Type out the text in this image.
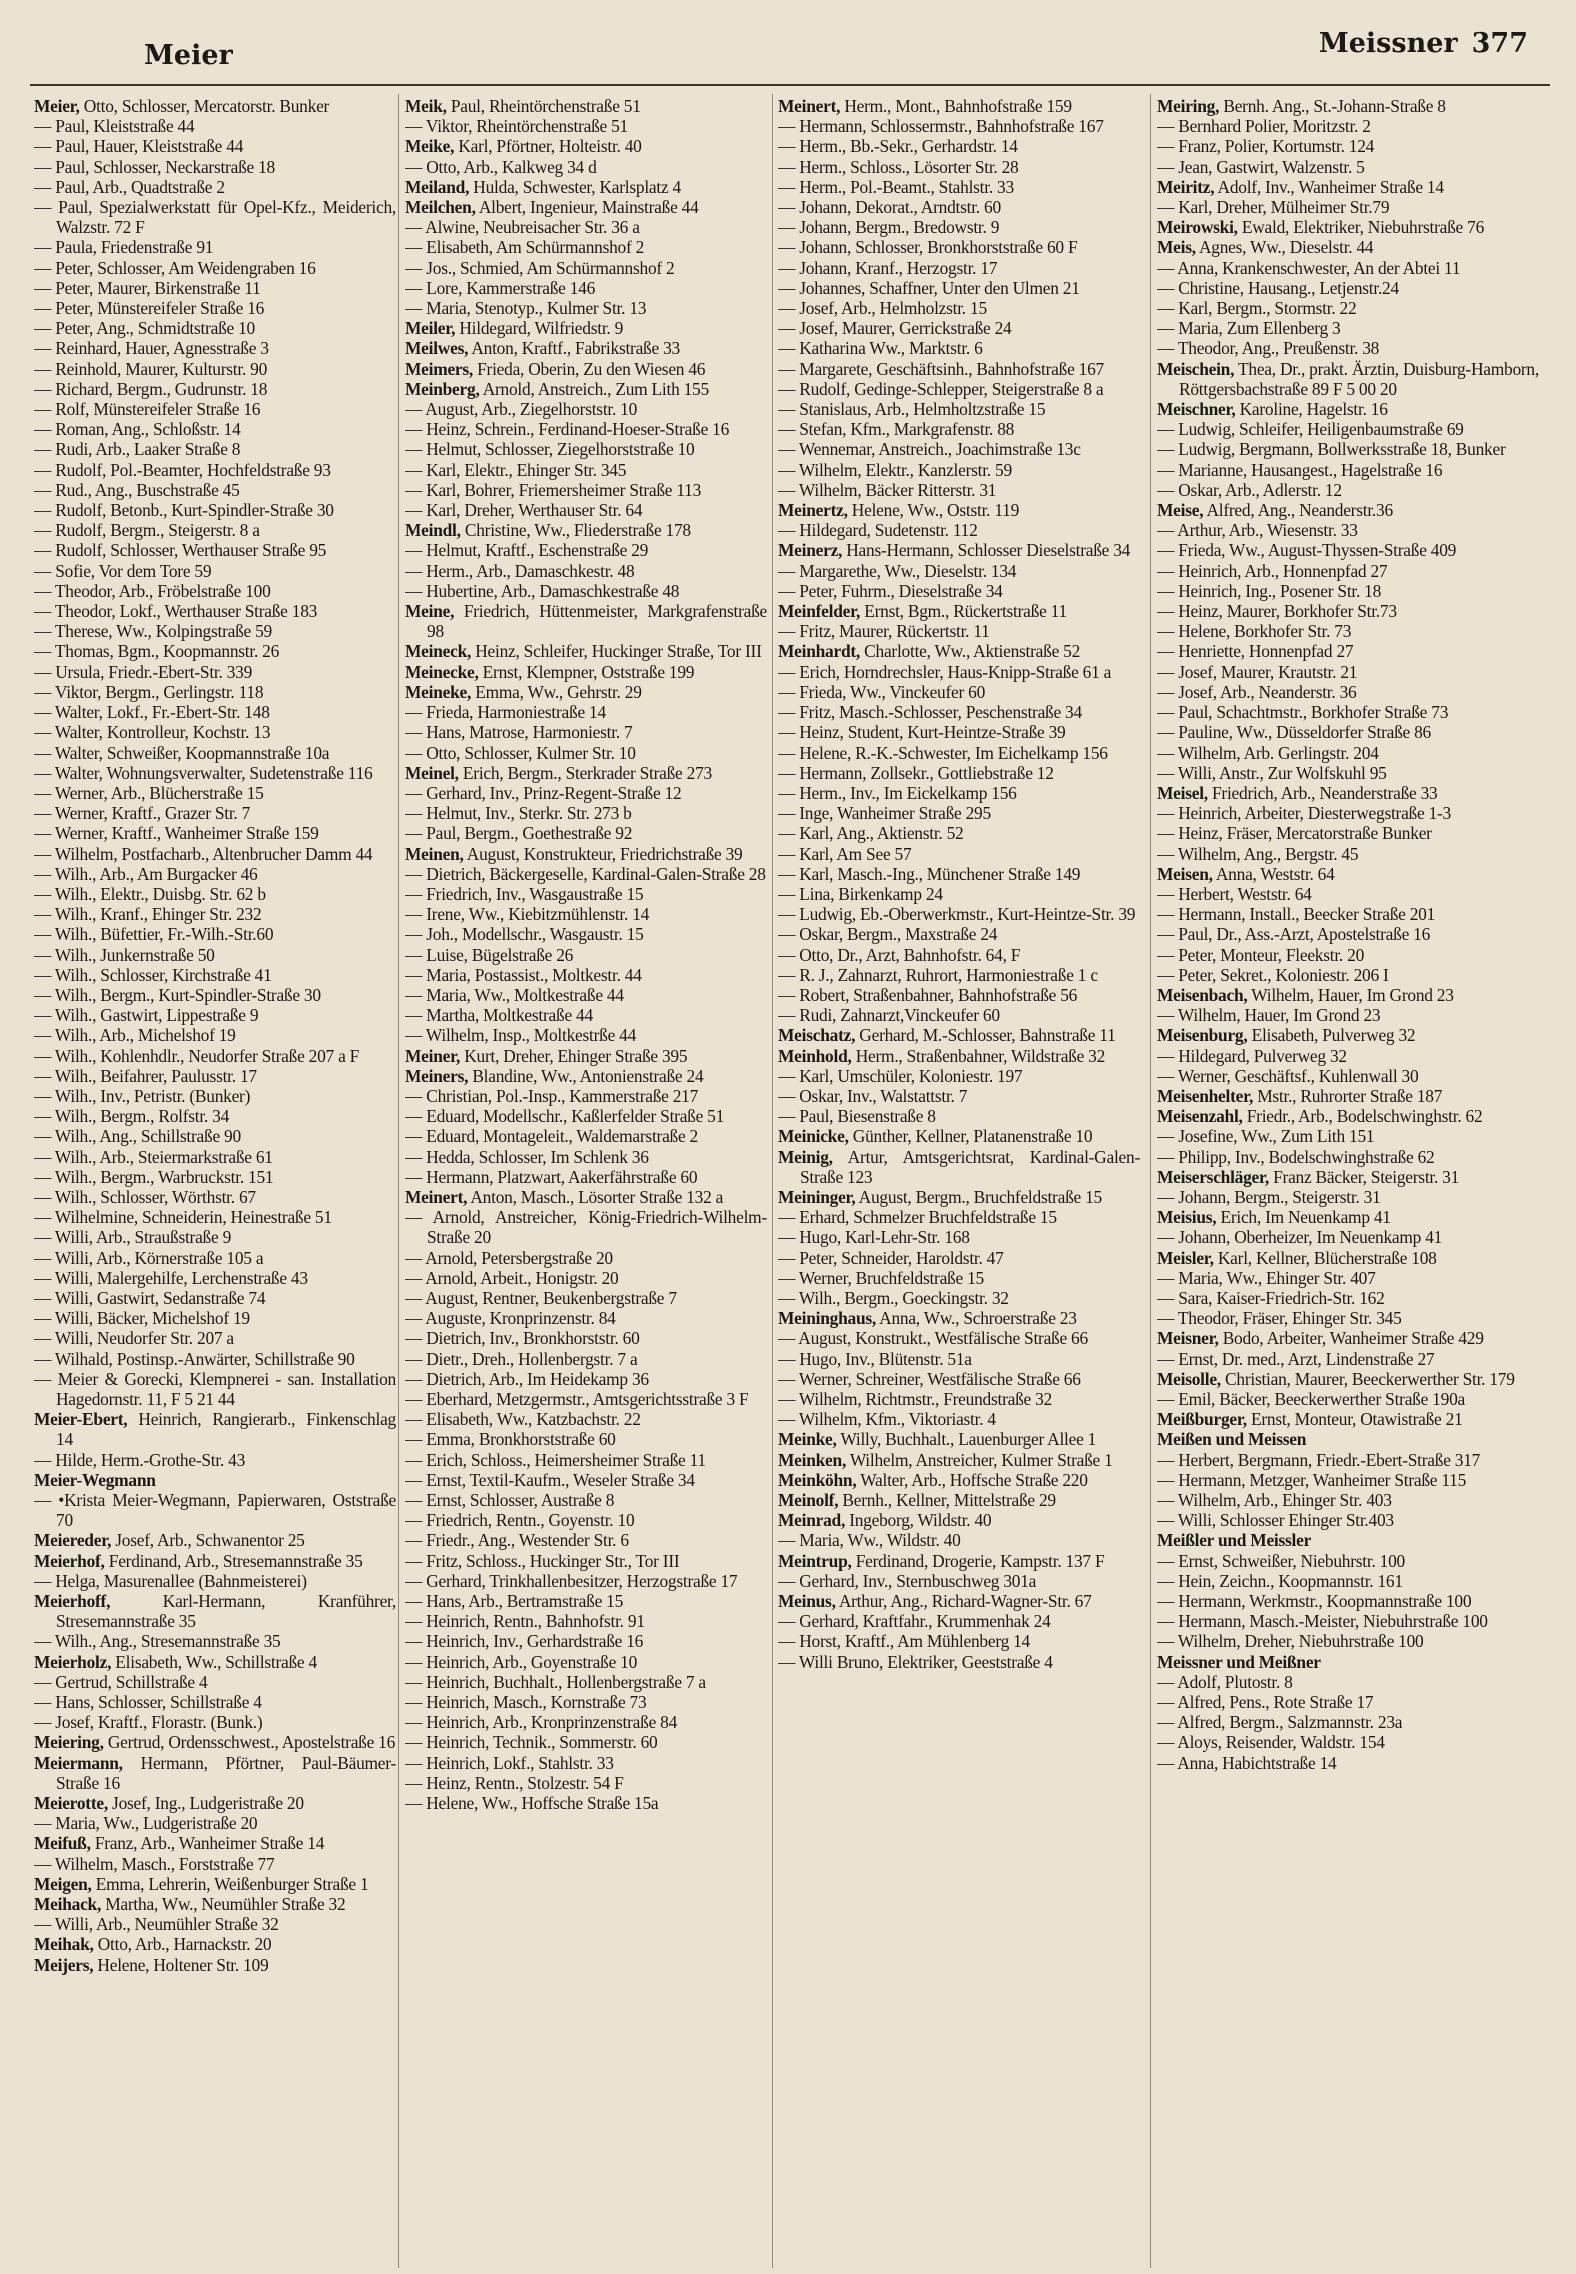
Meier	Meissner 377

Meier, Otto, Schlosser, Mercatorstr. Bunker

— Paul, Kleiststraße 44

— Paul, Hauer, Kleiststraße 44

— Paul, Schlosser, Neckarstraße 18

— Paul, Arb., Quadtstraße 2

— Paul, Spezialwerkstatt für Opel-Kfz., Meiderich, Walzstr. 72 F

— Paula, Friedenstraße 91

— Peter, Schlosser, Am Weidengraben 16

— Peter, Maurer, Birkenstraße 11

— Peter, Münstereifeler Straße 16

— Peter, Ang., Schmidtstraße 10

— Reinhard, Hauer, Agnesstraße 3

— Reinhold, Maurer, Kulturstr. 90

— Richard, Bergm., Gudrunstr. 18

— Rolf, Münstereifeler Straße 16

— Roman, Ang., Schloßstr. 14

— Rudi, Arb., Laaker Straße 8

— Rudolf, Pol.-Beamter, Hochfeldstraße 93

— Rud., Ang., Buschstraße 45

— Rudolf, Betonb., Kurt-Spindler-Straße 30

— Rudolf, Bergm., Steigerstr. 8 a

— Rudolf, Schlosser, Werthauser Straße 95

— Sofie, Vor dem Tore 59

— Theodor, Arb., Fröbelstraße 100

— Theodor, Lokf., Werthauser Straße 183

— Therese, Ww., Kolpingstraße 59

— Thomas, Bgm., Koopmannstr. 26

— Ursula, Friedr.-Ebert-Str. 339

— Viktor, Bergm., Gerlingstr. 118

— Walter, Lokf., Fr.-Ebert-Str. 148

— Walter, Kontrolleur, Kochstr. 13

— Walter, Schweißer, Koopmannstraße 10a

— Walter, Wohnungsverwalter, Sudetenstraße 116

— Werner, Arb., Blücherstraße 15

— Werner, Kraftf., Grazer Str. 7

— Werner, Kraftf., Wanheimer Straße 159

— Wilhelm, Postfacharb., Altenbrucher Damm 44

— Wilh., Arb., Am Burgacker 46

— Wilh., Elektr., Duisbg. Str. 62 b

— Wilh., Kranf., Ehinger Str. 232

— Wilh., Büfettier, Fr.-Wilh.-Str.60

— Wilh., Junkernstraße 50

— Wilh., Schlosser, Kirchstraße 41

— Wilh., Bergm., Kurt-Spindler-Straße 30

— Wilh., Gastwirt, Lippestraße 9

— Wilh., Arb., Michelshof 19

— Wilh., Kohlenhdlr., Neudorfer Straße 207 a F

— Wilh., Beifahrer, Paulusstr. 17

— Wilh., Inv., Petristr. (Bunker)

— Wilh., Bergm., Rolfstr. 34

— Wilh., Ang., Schillstraße 90

— Wilh., Arb., Steiermarkstraße 61

— Wilh., Bergm., Warbruckstr. 151

— Wilh., Schlosser, Wörthstr. 67

— Wilhelmine, Schneiderin, Heinestraße 51

— Willi, Arb., Straußstraße 9

— Willi, Arb., Körnerstraße 105 a

— Willi, Malergehilfe, Lerchenstraße 43

— Willi, Gastwirt, Sedanstraße 74

— Willi, Bäcker, Michelshof 19

— Willi, Neudorfer Str. 207 a

— Wilhald, Postinsp.-Anwärter, Schillstraße 90

— Meier & Gorecki, Klempnerei - san. Installation Hagedornstr. 11, F 5 21 44

Meier-Ebert, Heinrich, Rangierarb., Finkenschlag 14

— Hilde, Herm.-Grothe-Str. 43

Meier-Wegmann

— •Krista Meier-Wegmann, Papierwaren, Oststraße 70

Meiereder, Josef, Arb., Schwanentor 25

Meierhof, Ferdinand, Arb., Stresemannstraße 35

— Helga, Masurenallee (Bahnmeisterei)

Meierhoff,	Karl-Hermann, Kranführer, Stresemannstraße 35

— Wilh., Ang., Stresemannstraße 35

Meierholz, Elisabeth, Ww., Schillstraße 4

— Gertrud, Schillstraße 4

— Hans, Schlosser, Schillstraße 4

— Josef, Kraftf., Florastr. (Bunk.)

Meiering, Gertrud, Ordensschwest., Apostelstraße 16

Meiermann, Hermann, Pförtner, Paul-Bäumer-Straße 16

Meierotte, Josef, Ing., Ludgeristraße 20

— Maria, Ww., Ludgeristraße 20

Meifuß, Franz, Arb., Wanheimer Straße 14

— Wilhelm, Masch., Forststraße 77

Meigen, Emma, Lehrerin, Weißenburger Straße 1

Meihack, Martha, Ww., Neumühler Straße 32

— Willi, Arb., Neumühler Straße 32

Meihak, Otto, Arb., Harnackstr. 20

Meijers, Helene, Holtener Str. 109

Meik, Paul, Rheintörchenstraße 51

— Viktor, Rheintörchenstraße 51

Meike, Karl, Pförtner, Holteistr. 40

— Otto, Arb., Kalkweg 34 d

Meiland, Hulda, Schwester, Karlsplatz 4

Meilchen, Albert, Ingenieur, Mainstraße 44

— Alwine, Neubreisacher Str. 36 a

— Elisabeth, Am Schürmannshof 2

— Jos., Schmied, Am Schürmannshof 2

— Lore, Kammerstraße 146

— Maria, Stenotyp., Kulmer Str. 13

Meiler, Hildegard, Wilfriedstr. 9

Meilwes, Anton, Kraftf., Fabrikstraße 33

Meimers, Frieda, Oberin, Zu den Wiesen 46

Meinberg, Arnold, Anstreich., Zum Lith 155

— August, Arb., Ziegelhorststr. 10

— Heinz, Schrein., Ferdinand-Hoeser-Straße 16

— Helmut, Schlosser, Ziegelhorststraße 10

— Karl, Elektr., Ehinger Str. 345

— Karl, Bohrer, Friemersheimer Straße 113

— Karl, Dreher, Werthauser Str. 64

Meindl, Christine, Ww., Fliederstraße 178

— Helmut, Kraftf., Eschenstraße 29

— Herm., Arb., Damaschkestr. 48

— Hubertine, Arb., Damaschkestraße 48

Meine, Friedrich, Hüttenmeister, Markgrafenstraße 98

Meineck, Heinz, Schleifer, Huckinger Straße, Tor III

Meinecke, Ernst, Klempner, Oststraße 199

Meineke, Emma, Ww., Gehrstr. 29

— Frieda, Harmoniestraße 14

— Hans, Matrose, Harmoniestr. 7

— Otto, Schlosser, Kulmer Str. 10

Meinel, Erich, Bergm., Sterkrader Straße 273

— Gerhard, Inv., Prinz-Regent-Straße 12

— Helmut, Inv., Sterkr. Str. 273 b

— Paul, Bergm., Goethestraße 92

Meinen, August, Konstrukteur, Friedrichstraße 39

— Dietrich, Bäckergeselle, Kardinal-Galen-Straße 28

— Friedrich, Inv., Wasgaustraße 15

— Irene, Ww., Kiebitzmühlenstr. 14

— Joh., Modellschr., Wasgaustr. 15

— Luise, Bügelstraße 26

— Maria, Postassist., Moltkestr. 44

— Maria, Ww., Moltkestraße 44

— Martha, Moltkestraße 44

— Wilhelm, Insp., Moltkestrße 44

Meiner, Kurt, Dreher, Ehinger Straße 395

Meiners, Blandine, Ww., Antonienstraße 24

— Christian, Pol.-Insp., Kammerstraße 217

— Eduard, Modellschr., Kaßlerfelder Straße 51

— Eduard, Montageleit., Waldemarstraße 2

— Hedda, Schlosser, Im Schlenk 36

— Hermann, Platzwart, Aakerfährstraße 60

Meinert, Anton, Masch., Lösorter Straße 132 a

— Arnold, Anstreicher, König-Friedrich-Wilhelm-Straße 20

— Arnold, Petersbergstraße 20

— Arnold, Arbeit., Honigstr. 20

— August, Rentner, Beukenbergstraße 7

— Auguste, Kronprinzenstr. 84

— Dietrich, Inv., Bronkhorststr. 60

— Dietr., Dreh., Hollenbergstr. 7 a

— Dietrich, Arb., Im Heidekamp 36

— Eberhard, Metzgermstr., Amtsgerichtsstraße 3 F

— Elisabeth, Ww., Katzbachstr. 22

— Emma, Bronkhorststraße 60

— Erich, Schloss., Heimersheimer Straße 11

— Ernst, Textil-Kaufm., Weseler Straße 34

— Ernst, Schlosser, Austraße 8

— Friedrich, Rentn., Goyenstr. 10

— Friedr., Ang., Westender Str. 6

— Fritz, Schloss., Huckinger Str., Tor III

— Gerhard, Trinkhallenbesitzer, Herzogstraße 17

— Hans, Arb., Bertramstraße 15

— Heinrich, Rentn., Bahnhofstr. 91

— Heinrich, Inv., Gerhardstraße 16

— Heinrich, Arb., Goyenstraße 10

— Heinrich, Buchhalt., Hollenbergstraße 7 a

— Heinrich, Masch., Kornstraße 73

— Heinrich, Arb., Kronprinzenstraße 84

— Heinrich, Technik., Sommerstr. 60

— Heinrich, Lokf., Stahlstr. 33

— Heinz, Rentn., Stolzestr. 54 F

— Helene, Ww., Hoffsche Straße 15a

Meinert, Herm., Mont., Bahnhofstraße 159

— Hermann, Schlossermstr., Bahnhofstraße 167

— Herm., Bb.-Sekr., Gerhardstr. 14

— Herm., Schloss., Lösorter Str. 28

— Herm., Pol.-Beamt., Stahlstr. 33

— Johann, Dekorat., Arndtstr. 60

— Johann, Bergm., Bredowstr. 9

— Johann, Schlosser, Bronkhorststraße 60 F

— Johann, Kranf., Herzogstr. 17

— Johannes, Schaffner, Unter den Ulmen 21

— Josef, Arb., Helmholzstr. 15

— Josef, Maurer, Gerrickstraße 24

— Katharina Ww., Marktstr. 6

— Margarete, Geschäftsinh., Bahnhofstraße 167

— Rudolf, Gedinge-Schlepper, Steigerstraße 8 a

— Stanislaus, Arb., Helmholtzstraße 15

— Stefan, Kfm., Markgrafenstr. 88

— Wennemar, Anstreich., Joachimstraße 13c

— Wilhelm, Elektr., Kanzlerstr. 59

— Wilhelm, Bäcker Ritterstr. 31

Meinertz, Helene, Ww., Oststr. 119

— Hildegard, Sudetenstr. 112

Meinerz, Hans-Hermann, Schlosser Dieselstraße 34

— Margarethe, Ww., Dieselstr. 134

— Peter, Fuhrm., Dieselstraße 34

Meinfelder, Ernst, Bgm., Rückertstraße 11

— Fritz, Maurer, Rückertstr. 11

Meinhardt, Charlotte, Ww., Aktienstraße 52

— Erich, Horndrechsler, Haus-Knipp-Straße 61 a

— Frieda, Ww., Vinckeufer 60

— Fritz, Masch.-Schlosser, Peschenstraße 34

— Heinz, Student, Kurt-Heintze-Straße 39

— Helene, R.-K.-Schwester, Im Eichelkamp 156

— Hermann, Zollsekr., Gottliebstraße 12

— Herm., Inv., Im Eickelkamp 156

— Inge, Wanheimer Straße 295

— Karl, Ang., Aktienstr. 52

— Karl, Am See 57

— Karl, Masch.-Ing., Münchener Straße 149

— Lina, Birkenkamp 24

— Ludwig, Eb.-Oberwerkmstr., Kurt-Heintze-Str. 39

— Oskar, Bergm., Maxstraße 24

— Otto, Dr., Arzt, Bahnhofstr. 64, F

— R. J., Zahnarzt, Ruhrort, Harmoniestraße 1 c

— Robert, Straßenbahner, Bahnhofstraße 56

— Rudi, Zahnarzt,Vinckeufer 60

Meischatz, Gerhard, M.-Schlosser, Bahnstraße 11

Meinhold, Herm., Straßenbahner, Wildstraße 32

— Karl, Umschüler, Koloniestr. 197

— Oskar, Inv., Walstattstr. 7

— Paul, Biesenstraße 8

Meinicke, Günther, Kellner, Platanenstraße 10

Meinig, Artur, Amtsgerichtsrat, Kardinal-Galen-Straße 123

Meininger, August, Bergm., Bruchfeldstraße 15

— Erhard, Schmelzer Bruchfeldstraße 15

— Hugo, Karl-Lehr-Str. 168

— Peter, Schneider, Haroldstr. 47

— Werner, Bruchfeldstraße 15

— Wilh., Bergm., Goeckingstr. 32

Meininghaus, Anna, Ww., Schroerstraße 23

— August, Konstrukt., Westfälische Straße 66

— Hugo, Inv., Blütenstr. 51a

— Werner, Schreiner, Westfälische Straße 66

— Wilhelm, Richtmstr., Freundstraße 32

— Wilhelm, Kfm., Viktoriastr. 4

Meinke, Willy, Buchhalt., Lauenburger Allee 1

Meinken, Wilhelm, Anstreicher, Kulmer Straße 1

Meinköhn, Walter, Arb., Hoffsche Straße 220

Meinolf, Bernh., Kellner, Mittelstraße 29

Meinrad, Ingeborg, Wildstr. 40

— Maria, Ww., Wildstr. 40

Meintrup, Ferdinand, Drogerie, Kampstr. 137 F

— Gerhard, Inv., Sternbuschweg 301a

Meinus, Arthur, Ang., Richard-Wagner-Str. 67

— Gerhard, Kraftfahr., Krummenhak 24

— Horst, Kraftf., Am Mühlenberg 14

— Willi Bruno, Elektriker, Geeststraße 4

Meiring, Bernh. Ang., St.-Johann-Straße 8

— Bernhard Polier, Moritzstr. 2

— Franz, Polier, Kortumstr. 124

— Jean, Gastwirt, Walzenstr. 5

Meiritz, Adolf, Inv., Wanheimer Straße 14

— Karl, Dreher, Mülheimer Str.79

Meirowski, Ewald, Elektriker, Niebuhrstraße 76

Meis, Agnes, Ww., Dieselstr. 44

— Anna, Krankenschwester, An der Abtei 11

— Christine, Hausang., Letjenstr.24

— Karl, Bergm., Stormstr. 22

— Maria, Zum Ellenberg 3

— Theodor, Ang., Preußenstr. 38

Meischein, Thea, Dr., prakt. Ärztin, Duisburg-Hamborn, Röttgersbachstraße 89 F 5 00 20

Meischner, Karoline, Hagelstr. 16

— Ludwig, Schleifer, Heiligenbaumstraße 69

— Ludwig, Bergmann, Bollwerksstraße 18, Bunker

— Marianne, Hausangest., Hagelstraße 16

— Oskar, Arb., Adlerstr. 12

Meise, Alfred, Ang., Neanderstr.36

— Arthur, Arb., Wiesenstr. 33

— Frieda, Ww., August-Thyssen-Straße 409

— Heinrich, Arb., Honnenpfad 27

— Heinrich, Ing., Posener Str. 18

— Heinz, Maurer, Borkhofer Str.73

— Helene, Borkhofer Str. 73

— Henriette, Honnenpfad 27

— Josef, Maurer, Krautstr. 21

— Josef, Arb., Neanderstr. 36

— Paul, Schachtmstr., Borkhofer Straße 73

— Pauline, Ww., Düsseldorfer Straße 86

— Wilhelm, Arb. Gerlingstr. 204

— Willi, Anstr., Zur Wolfskuhl 95

Meisel, Friedrich, Arb., Neanderstraße 33

— Heinrich, Arbeiter, Diesterwegstraße 1-3

— Heinz, Fräser, Mercatorstraße Bunker

— Wilhelm, Ang., Bergstr. 45

Meisen, Anna, Weststr. 64

— Herbert, Weststr. 64

— Hermann, Install., Beecker Straße 201

— Paul, Dr., Ass.-Arzt, Apostelstraße 16

— Peter, Monteur, Fleekstr. 20

— Peter, Sekret., Koloniestr. 206 I

Meisenbach, Wilhelm, Hauer, Im Grond 23

— Wilhelm, Hauer, Im Grond 23

Meisenburg, Elisabeth, Pulverweg 32

— Hildegard, Pulverweg 32

— Werner, Geschäftsf., Kuhlenwall 30

Meisenhelter, Mstr., Ruhrorter Straße 187

Meisenzahl, Friedr., Arb., Bodelschwinghstr. 62

— Josefine, Ww., Zum Lith 151

— Philipp, Inv., Bodelschwinghstraße 62

Meiserschläger, Franz Bäcker, Steigerstr. 31

— Johann, Bergm., Steigerstr. 31

Meisius, Erich, Im Neuenkamp 41

— Johann, Oberheizer, Im Neuenkamp 41

Meisler, Karl, Kellner, Blücherstraße 108

— Maria, Ww., Ehinger Str. 407

— Sara, Kaiser-Friedrich-Str. 162

— Theodor, Fräser, Ehinger Str. 345

Meisner, Bodo, Arbeiter, Wanheimer Straße 429

— Ernst, Dr. med., Arzt, Lindenstraße 27

Meisolle, Christian, Maurer, Beeckerwerther Str. 179

— Emil, Bäcker, Beeckerwerther Straße 190a

Meißburger, Ernst, Monteur, Otawistraße 21

Meißen und Meissen

— Herbert, Bergmann, Friedr.-Ebert-Straße 317

— Hermann, Metzger, Wanheimer Straße 115

— Wilhelm, Arb., Ehinger Str. 403

— Willi, Schlosser Ehinger Str.403

Meißler und Meissler

— Ernst, Schweißer, Niebuhrstr. 100

— Hein, Zeichn., Koopmannstr. 161

— Hermann, Werkmstr., Koopmannstraße 100

— Hermann, Masch.-Meister, Niebuhrstraße 100

— Wilhelm, Dreher, Niebuhrstraße 100

Meissner und Meißner

— Adolf, Plutostr. 8

— Alfred, Pens., Rote Straße 17

— Alfred, Bergm., Salzmannstr. 23a

— Aloys, Reisender, Waldstr. 154

— Anna, Habichtstraße 14
